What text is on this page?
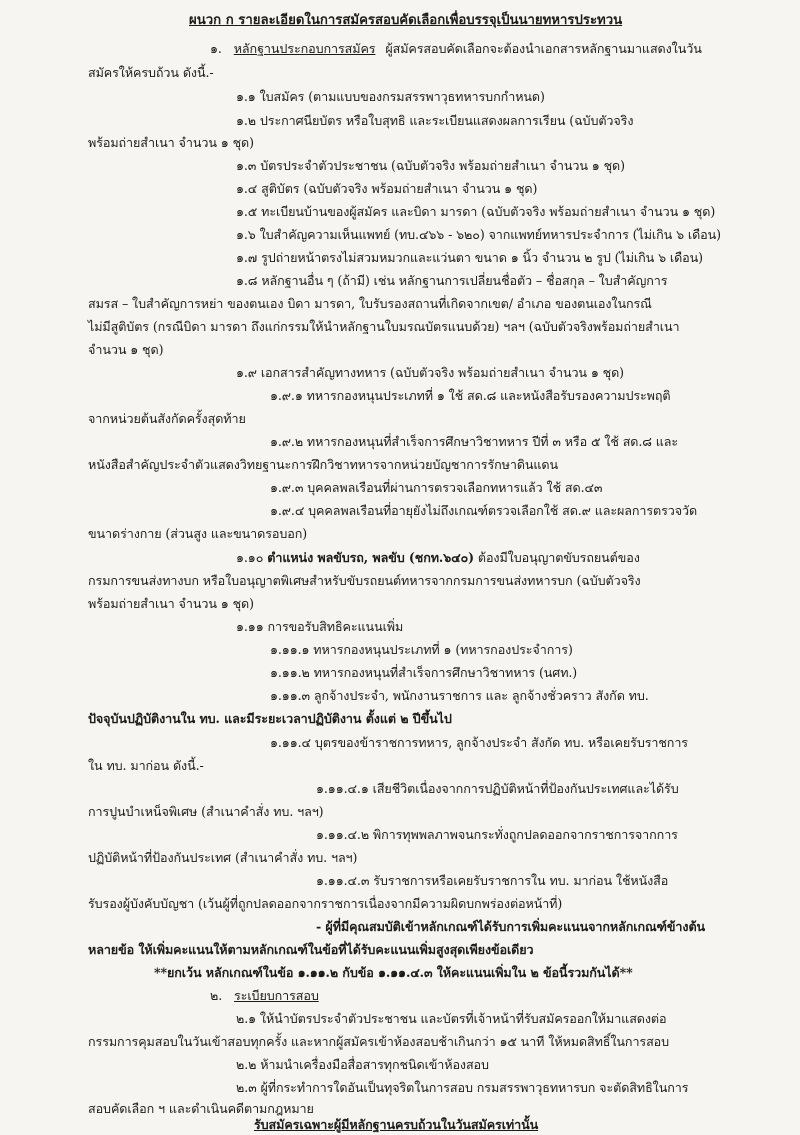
ผนวก ก รายละเอียดในการสมัครสอบคัดเลือกเพื่อบรรจุเป็นนายทหารประทวน
๑. หลักฐานประกอบการสมัคร ผู้สมัครสอบคัดเลือกจะต้องนำเอกสารหลักฐานมาแสดงในวัน
สมัครให้ครบถ้วน ดังนี้.-
๑.๑ ใบสมัคร (ตามแบบของกรมสรรพาวุธทหารบกกำหนด)
๑.๒ ประกาศนียบัตร หรือใบสุทธิ และระเบียนแสดงผลการเรียน (ฉบับตัวจริง
พร้อมถ่ายสำเนา จำนวน ๑ ชุด)
๑.๓ บัตรประจำตัวประชาชน (ฉบับตัวจริง พร้อมถ่ายสำเนา จำนวน ๑ ชุด)
๑.๔ สูติบัตร (ฉบับตัวจริง พร้อมถ่ายสำเนา จำนวน ๑ ชุด)
๑.๕ ทะเบียนบ้านของผู้สมัคร และบิดา มารดา (ฉบับตัวจริง พร้อมถ่ายสำเนา จำนวน ๑ ชุด)
๑.๖ ใบสำคัญความเห็นแพทย์ (ทบ.๔๖๖ - ๖๒๐) จากแพทย์ทหารประจำการ (ไม่เกิน ๖ เดือน)
๑.๗ รูปถ่ายหน้าตรงไม่สวมหมวกและแว่นตา ขนาด ๑ นิ้ว จำนวน ๒ รูป (ไม่เกิน ๖ เดือน)
๑.๘ หลักฐานอื่น ๆ (ถ้ามี) เช่น หลักฐานการเปลี่ยนชื่อตัว – ชื่อสกุล – ใบสำคัญการ
สมรส – ใบสำคัญการหย่า ของตนเอง บิดา มารดา, ใบรับรองสถานที่เกิดจากเขต/ อำเภอ ของตนเองในกรณี
ไม่มีสูติบัตร (กรณีบิดา มารดา ถึงแก่กรรมให้นำหลักฐานใบมรณบัตรแนบด้วย) ฯลฯ (ฉบับตัวจริงพร้อมถ่ายสำเนา
จำนวน ๑ ชุด)
๑.๙ เอกสารสำคัญทางทหาร (ฉบับตัวจริง พร้อมถ่ายสำเนา จำนวน ๑ ชุด)
๑.๙.๑ ทหารกองหนุนประเภทที่ ๑ ใช้ สด.๘ และหนังสือรับรองความประพฤติ
จากหน่วยต้นสังกัดครั้งสุดท้าย
๑.๙.๒ ทหารกองหนุนที่สำเร็จการศึกษาวิชาทหาร ปีที่ ๓ หรือ ๕ ใช้ สด.๘ และ
หนังสือสำคัญประจำตัวแสดงวิทยฐานะการฝึกวิชาทหารจากหน่วยบัญชาการรักษาดินแดน
๑.๙.๓ บุคคลพลเรือนที่ผ่านการตรวจเลือกทหารแล้ว ใช้ สด.๔๓
๑.๙.๔ บุคคลพลเรือนที่อายุยังไม่ถึงเกณฑ์ตรวจเลือกใช้ สด.๙ และผลการตรวจวัด
ขนาดร่างกาย (ส่วนสูง และขนาดรอบอก)
๑.๑๐ ตำแหน่ง พลขับรถ, พลขับ (ชกท.๖๔๐) ต้องมีใบอนุญาตขับรถยนต์ของ
กรมการขนส่งทางบก หรือใบอนุญาตพิเศษสำหรับขับรถยนต์ทหารจากกรมการขนส่งทหารบก (ฉบับตัวจริง
พร้อมถ่ายสำเนา จำนวน ๑ ชุด)
๑.๑๑ การขอรับสิทธิคะแนนเพิ่ม
๑.๑๑.๑ ทหารกองหนุนประเภทที่ ๑ (ทหารกองประจำการ)
๑.๑๑.๒ ทหารกองหนุนที่สำเร็จการศึกษาวิชาทหาร (นศท.)
๑.๑๑.๓ ลูกจ้างประจำ, พนักงานราชการ และ ลูกจ้างชั่วคราว สังกัด ทบ.
ปัจจุบันปฏิบัติงานใน ทบ. และมีระยะเวลาปฏิบัติงาน ตั้งแต่ ๒ ปีขึ้นไป
๑.๑๑.๔ บุตรของข้าราชการทหาร, ลูกจ้างประจำ สังกัด ทบ. หรือเคยรับราชการ
ใน ทบ. มาก่อน ดังนี้.-
๑.๑๑.๔.๑ เสียชีวิตเนื่องจากการปฏิบัติหน้าที่ป้องกันประเทศและได้รับ
การปูนบำเหน็จพิเศษ (สำเนาคำสั่ง ทบ. ฯลฯ)
๑.๑๑.๔.๒ พิการทุพพลภาพจนกระทั่งถูกปลดออกจากราชการจากการ
ปฏิบัติหน้าที่ป้องกันประเทศ (สำเนาคำสั่ง ทบ. ฯลฯ)
๑.๑๑.๔.๓ รับราชการหรือเคยรับราชการใน ทบ. มาก่อน ใช้หนังสือ
รับรองผู้บังคับบัญชา (เว้นผู้ที่ถูกปลดออกจากราชการเนื่องจากมีความผิดบกพร่องต่อหน้าที่)
- ผู้ที่มีคุณสมบัติเข้าหลักเกณฑ์ได้รับการเพิ่มคะแนนจากหลักเกณฑ์ข้างต้น
หลายข้อ ให้เพิ่มคะแนนให้ตามหลักเกณฑ์ในข้อที่ได้รับคะแนนเพิ่มสูงสุดเพียงข้อเดียว
**ยกเว้น หลักเกณฑ์ในข้อ ๑.๑๑.๒ กับข้อ ๑.๑๑.๔.๓ ให้คะแนนเพิ่มใน ๒ ข้อนี้รวมกันได้**
๒. ระเบียบการสอบ
๒.๑ ให้นำบัตรประจำตัวประชาชน และบัตรที่เจ้าหน้าที่รับสมัครออกให้มาแสดงต่อ
กรรมการคุมสอบในวันเข้าสอบทุกครั้ง และหากผู้สมัครเข้าห้องสอบช้าเกินกว่า ๑๕ นาที ให้หมดสิทธิ์ในการสอบ
๒.๒ ห้ามนำเครื่องมือสื่อสารทุกชนิดเข้าห้องสอบ
๒.๓ ผู้ที่กระทำการใดอันเป็นทุจริตในการสอบ กรมสรรพาวุธทหารบก จะตัดสิทธิในการ
สอบคัดเลือก ฯ และดำเนินคดีตามกฎหมาย
รับสมัครเฉพาะผู้มีหลักฐานครบถ้วนในวันสมัครเท่านั้น
